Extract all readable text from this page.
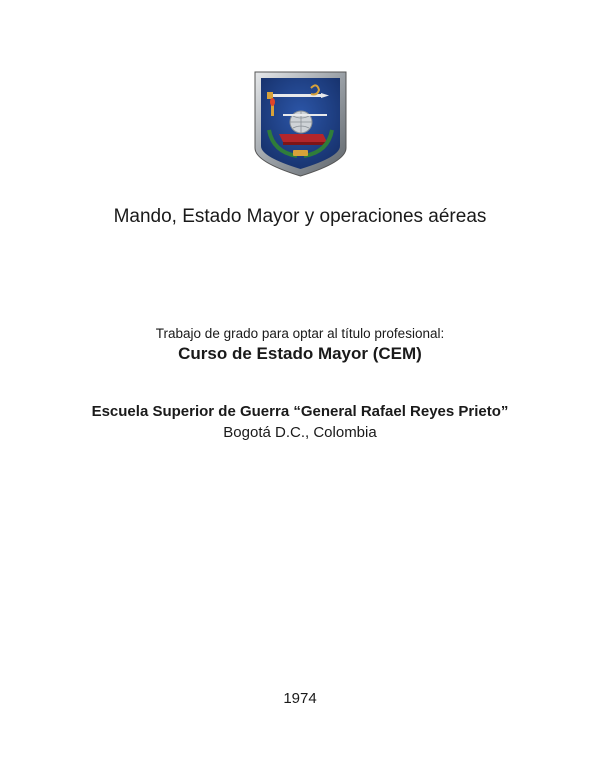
Mando, Estado Mayor y operaciones aéreas
Trabajo de grado para optar al título profesional:
Curso de Estado Mayor (CEM)
Escuela Superior de Guerra “General Rafael Reyes Prieto”
Bogotá D.C., Colombia
1974
